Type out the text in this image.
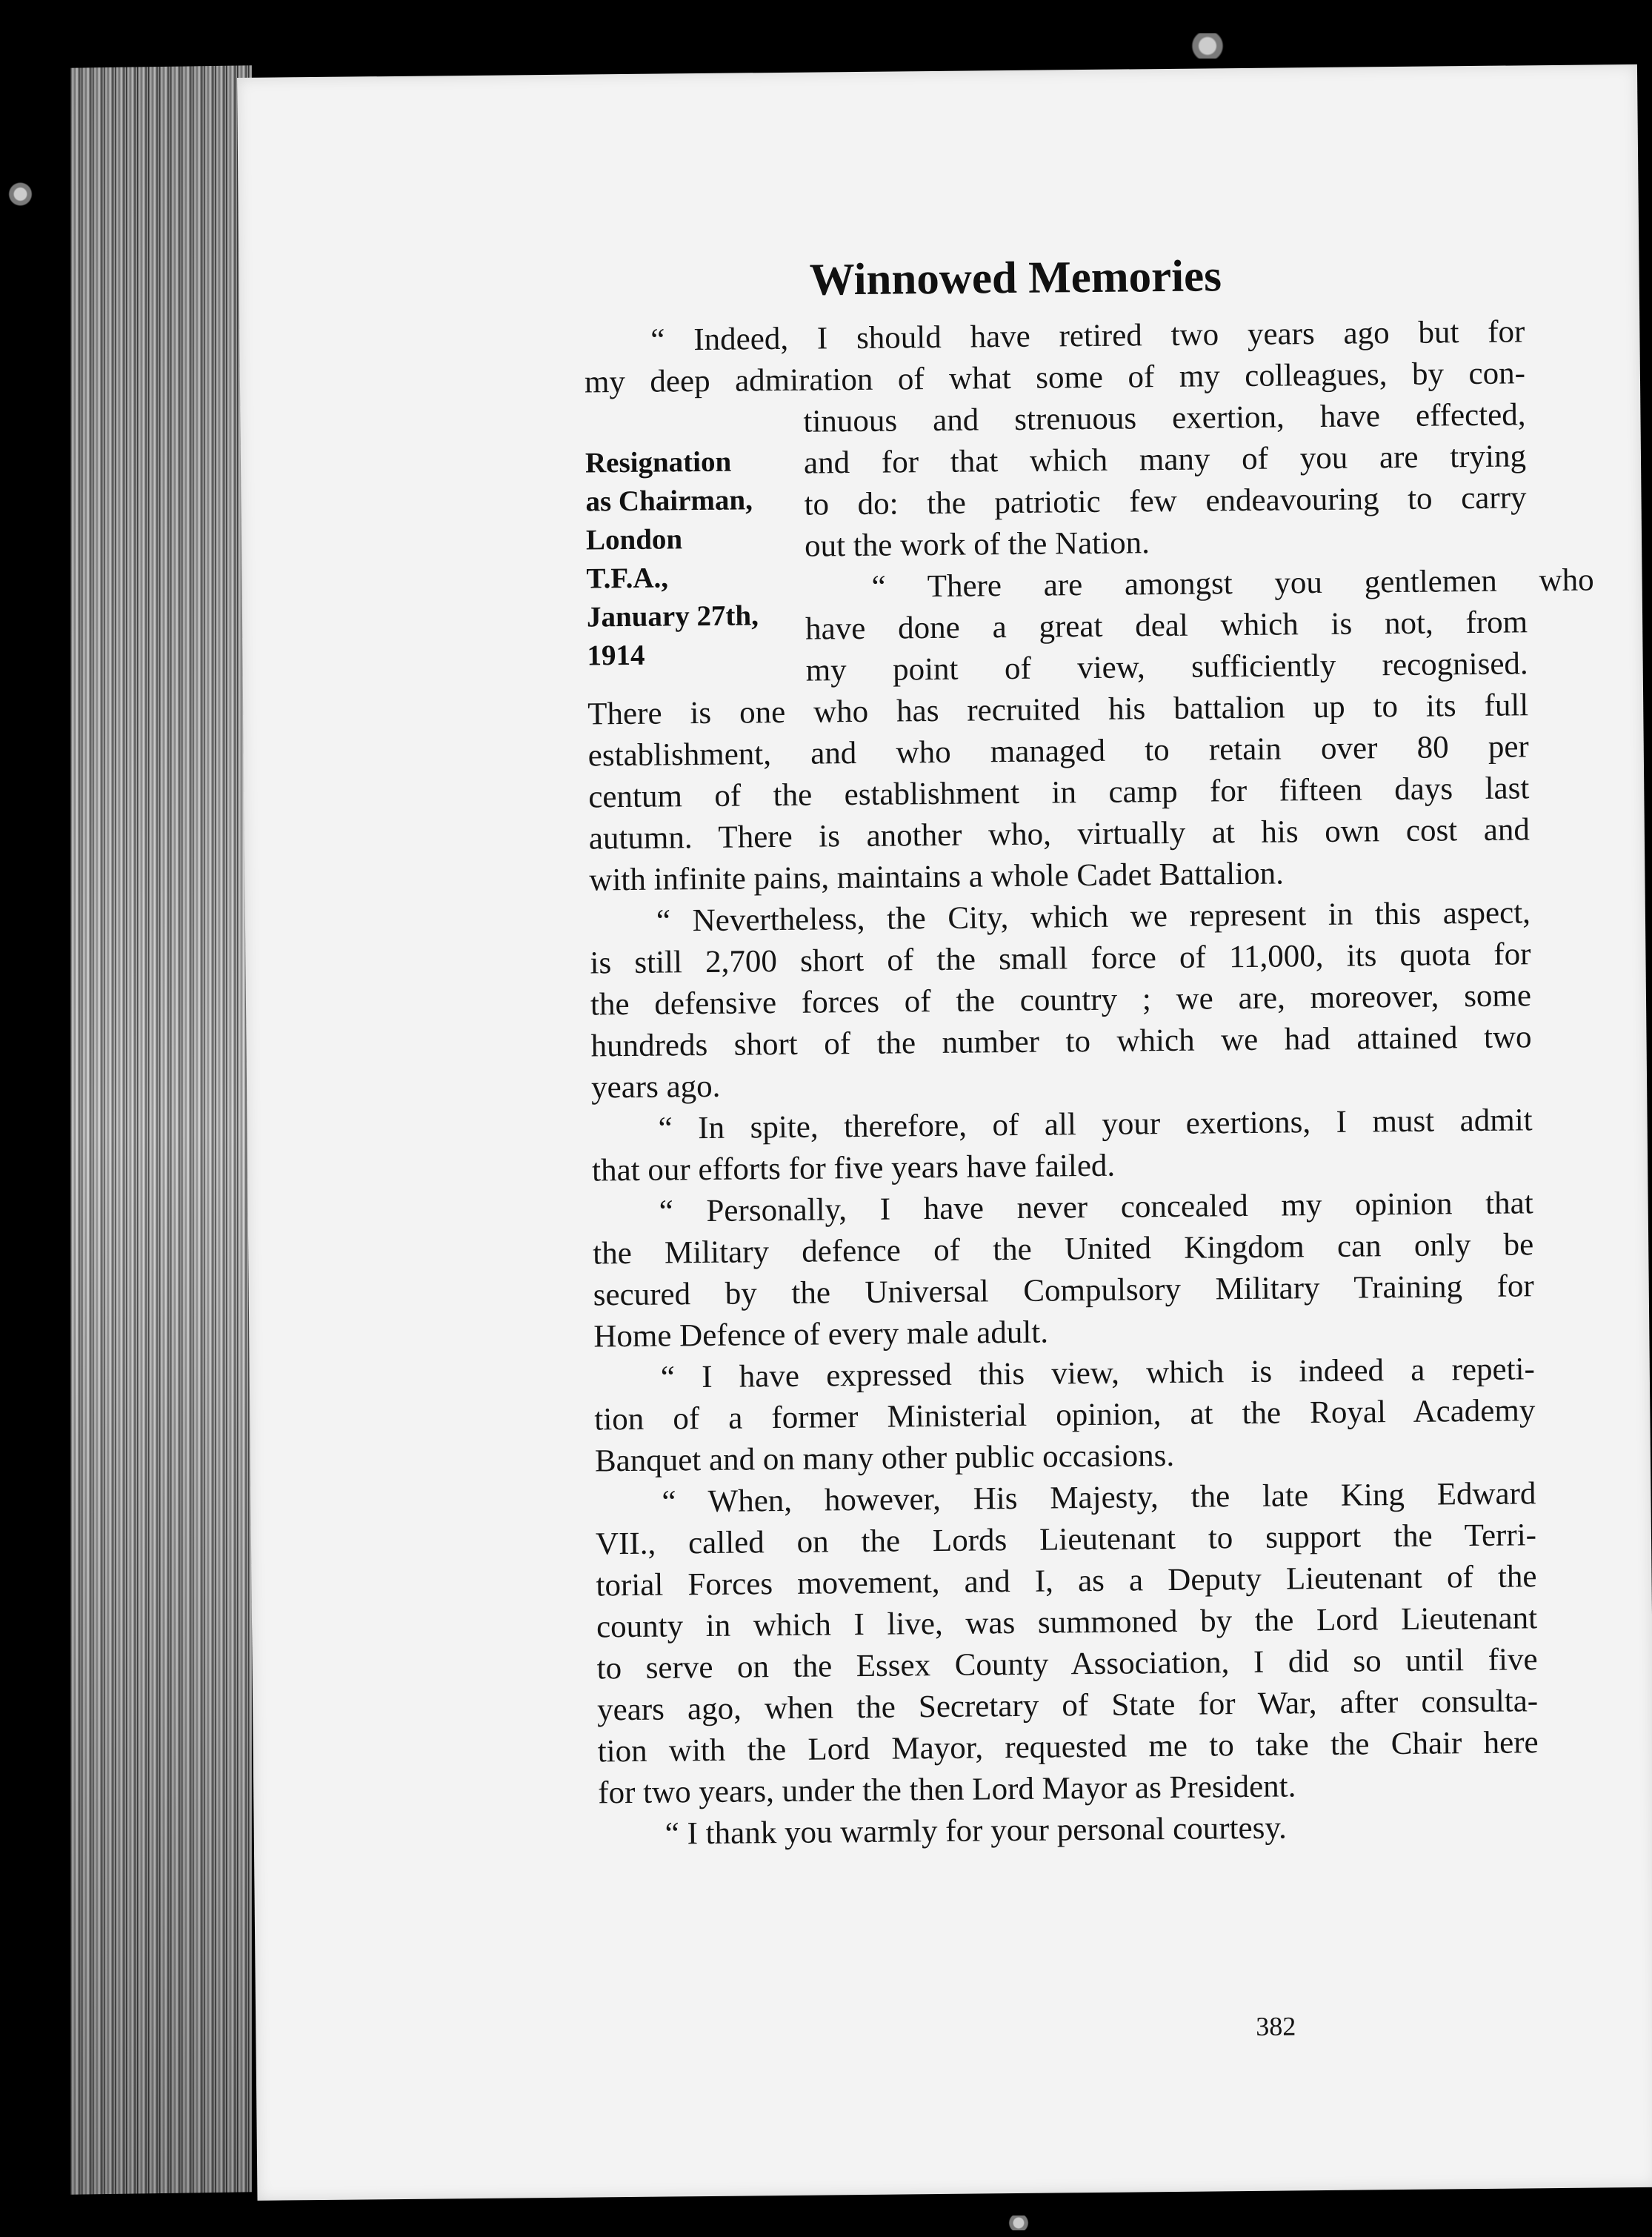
Winnowed Memories
Resignation
as Chairman,
London
T.F.A.,
January 27th,
1914
“ Indeed, I should have retired two years ago but for
my deep admiration of what some of my colleagues, by con-
tinuous and strenuous exertion, have effected,
and for that which many of you are trying
to do: the patriotic few endeavouring to carry
out the work of the Nation.
“ There are amongst you gentlemen who
have done a great deal which is not, from
my point of view, sufficiently recognised.
There is one who has recruited his battalion up to its full
establishment, and who managed to retain over 80 per
centum of the establishment in camp for fifteen days last
autumn. There is another who, virtually at his own cost and
with infinite pains, maintains a whole Cadet Battalion.
“ Nevertheless, the City, which we represent in this aspect,
is still 2,700 short of the small force of 11,000, its quota for
the defensive forces of the country ; we are, moreover, some
hundreds short of the number to which we had attained two
years ago.
“ In spite, therefore, of all your exertions, I must admit
that our efforts for five years have failed.
“ Personally, I have never concealed my opinion that
the Military defence of the United Kingdom can only be
secured by the Universal Compulsory Military Training for
Home Defence of every male adult.
“ I have expressed this view, which is indeed a repeti-
tion of a former Ministerial opinion, at the Royal Academy
Banquet and on many other public occasions.
“ When, however, His Majesty, the late King Edward
VII., called on the Lords Lieutenant to support the Terri-
torial Forces movement, and I, as a Deputy Lieutenant of the
county in which I live, was summoned by the Lord Lieutenant
to serve on the Essex County Association, I did so until five
years ago, when the Secretary of State for War, after consulta-
tion with the Lord Mayor, requested me to take the Chair here
for two years, under the then Lord Mayor as President.
“ I thank you warmly for your personal courtesy.
382
